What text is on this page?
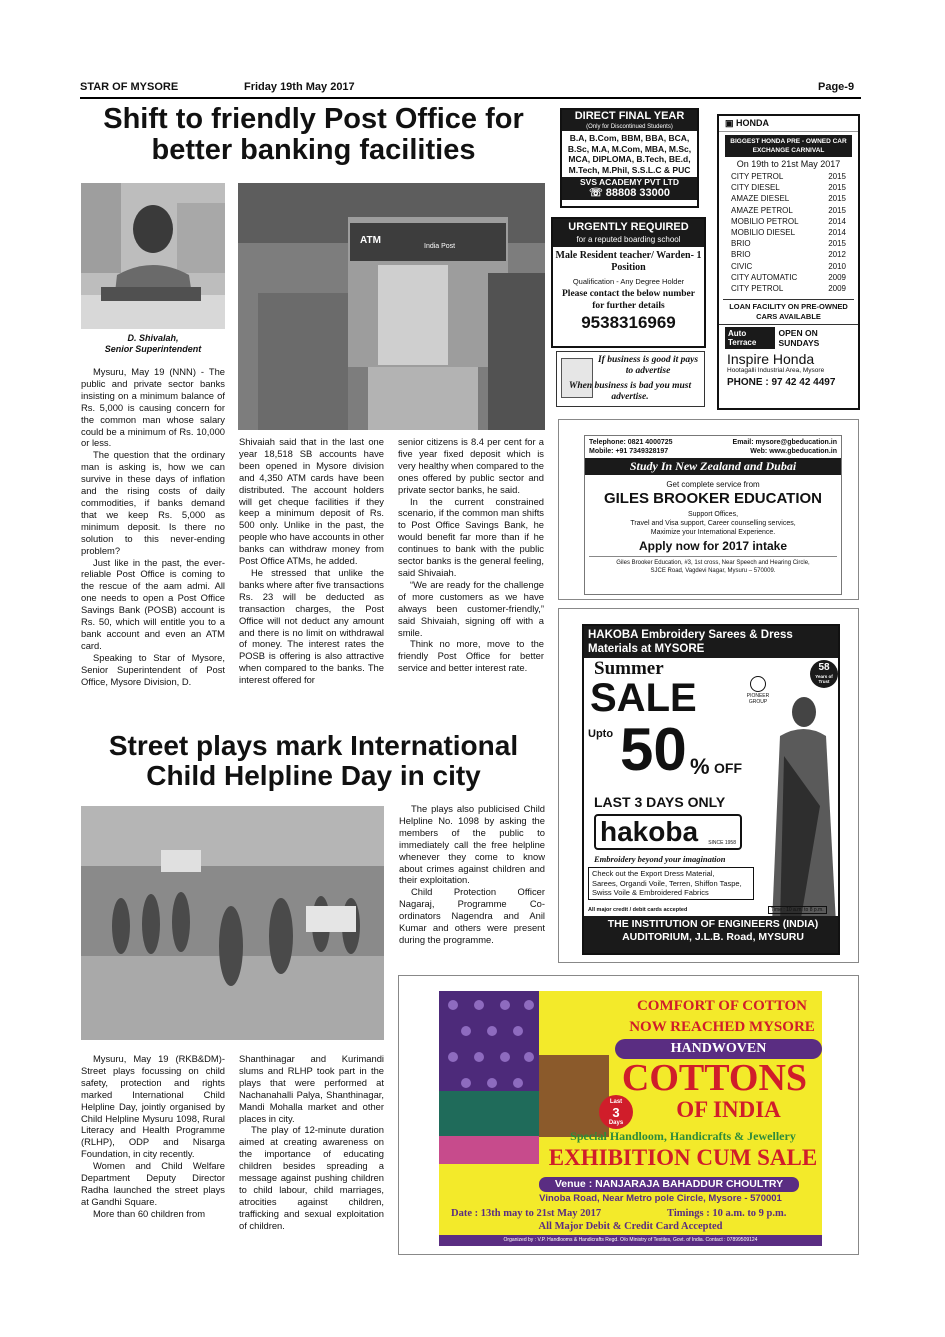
STAR OF MYSORE	Friday 19th May 2017	Page-9
Shift to friendly Post Office for
better banking facilities
D. Shivalah,
Senior Superintendent
ATM
India Post

Mysuru, May 19 (NNN) - The public and private sector banks insisting on a minimum balance of Rs. 5,000 is causing concern for the common man whose salary could be a minimum of Rs. 10,000 or less.

The question that the ordinary man is asking is, how we can survive in these days of inflation and the rising costs of daily commodities, if banks demand that we keep Rs. 5,000 as minimum deposit. Is there no solution to this never-ending problem?

Just like in the past, the ever-reliable Post Office is coming to the rescue of the aam admi. All one needs to open a Post Office Savings Bank (POSB) account is Rs. 50, which will entitle you to a bank account and even an ATM card.

Speaking to Star of Mysore, Senior Superintendent of Post Office, Mysore Division, D.

Shivaiah said that in the last one year 18,518 SB accounts have been opened in Mysore division and 4,350 ATM cards have been distributed. The account holders will get cheque facilities if they keep a minimum deposit of Rs. 500 only. Unlike in the past, the people who have accounts in other banks can withdraw money from Post Office ATMs, he added.

He stressed that unlike the banks where after five transactions Rs. 23 will be deducted as transaction charges, the Post Office will not deduct any amount and there is no limit on withdrawal of money. The interest rates the POSB is offering is also attractive when compared to the banks. The interest offered for

senior citizens is 8.4 per cent for a five year fixed deposit which is very healthy when compared to the ones offered by public sector and private sector banks, he said.

In the current constrained scenario, if the common man shifts to Post Office Savings Bank, he would benefit far more than if he continues to bank with the public sector banks is the general feeling, said Shivaiah.

“We are ready for the challenge of more customers as we have always been customer-friendly,” said Shivaiah, signing off with a smile.

Think no more, move to the friendly Post Office for better service and better interest rate.

Street plays mark International
Child Helpline Day in city

The plays also publicised Child Helpline No. 1098 by asking the members of the public to immediately call the free helpline whenever they come to know about crimes against children and their exploitation.

Child Protection Officer Nagaraj, Programme Co-ordinators Nagendra and Anil Kumar and others were present during the programme.

Mysuru, May 19 (RKB&DM)- Street plays focussing on child safety, protection and rights marked International Child Helpline Day, jointly organised by Child Helpline Mysuru 1098, Rural Literacy and Health Programme (RLHP), ODP and Nisarga Foundation, in city recently.

Women and Child Welfare Department Deputy Director Radha launched the street plays at Gandhi Square.

More than 60 children from

Shanthinagar and Kurimandi slums and RLHP took part in the plays that were performed at Nachanahalli Palya, Shanthinagar, Mandi Mohalla market and other places in city.

The play of 12-minute duration aimed at creating awareness on the importance of educating children besides spreading a message against pushing children to child labour, child marriages, atrocities against children, trafficking and sexual exploitation of children.

DIRECT FINAL YEAR
(Only for Discontinued Students)
B.A, B.Com, BBM, BBA, BCA, B.Sc, M.A, M.Com, MBA, M.Sc, MCA, DIPLOMA, B.Tech, BE.d, M.Tech, M.Phil, S.S.L.C & PUC
SVS ACADEMY PVT LTD
☏ 88808 33000
URGENTLY REQUIRED
for a reputed boarding school
Male Resident teacher/ Warden- 1 Position
Qualification - Any Degree Holder
Please contact the below number for further details
9538316969
If business is good it pays to advertise
When business is bad you must advertise.
▣ HONDA
BIGGEST HONDA PRE - OWNED CAR EXCHANGE CARNIVAL
On 19th to 21st May 2017
CITY PETROL	2015
CITY DIESEL	2015
AMAZE DIESEL	2015
AMAZE PETROL	2015
MOBILIO PETROL	2014
MOBILIO DIESEL	2014
BRIO	2015
BRIO	2012
CIVIC	2010
CITY AUTOMATIC	2009
CITY PETROL	2009
LOAN FACILITY ON PRE-OWNED CARS AVAILABLE
Auto Terrace
OPEN ON SUNDAYS
Inspire Honda
Hootagalli Industrial Area, Mysore
PHONE : 97 42 42 4497
Telephone: 0821 4000725	Email: mysore@gbeducation.in
Mobile: +91 7349328197	Web: www.gbeducation.in
Study In New Zealand and Dubai
Get complete service from
GILES BROOKER EDUCATION
Support Offices,
Travel and Visa support, Career counselling services,
Maximize your International Experience.
Apply now for 2017 intake
Giles Brooker Education, #3, 1st cross, Near Speech and Hearing Circle,
SJCE Road, Vagdevi Nagar, Mysuru – 570009.
HAKOBA Embroidery Sarees & Dress
Materials at MYSORE
Summer
SALE
Upto 50 % OFF
58
Years of Trust
PIONEER GROUP
LAST 3 DAYS ONLY
hakoba	SINCE 1958
Embroidery beyond your imagination
Check out the Export Dress Material,
Sarees, Organdi Voile, Terren, Shiffon Taspe,
Swiss Voile & Embroidered Fabrics
All major credit / debit cards accepted	Time : 10 a.m. to 8 p.m.
THE INSTITUTION OF ENGINEERS (INDIA)
AUDITORIUM, J.L.B. Road, MYSURU
COMFORT OF COTTON
NOW REACHED MYSORE
HANDWOVEN
COTTONS
Last
3
Days
OF INDIA
Special Handloom, Handicrafts & Jewellery
EXHIBITION CUM SALE
Venue : NANJARAJA BAHADDUR CHOULTRY
Vinoba Road, Near Metro pole Circle, Mysore - 570001
Date : 13th may to 21st May 2017	Timings : 10 a.m. to 9 p.m.
All Major Debit & Credit Card Accepted
Organized by : V.P. Handlooms & Handicrafts Regd. O/o Ministry of Textiles, Govt. of India. Contact : 07899509124
